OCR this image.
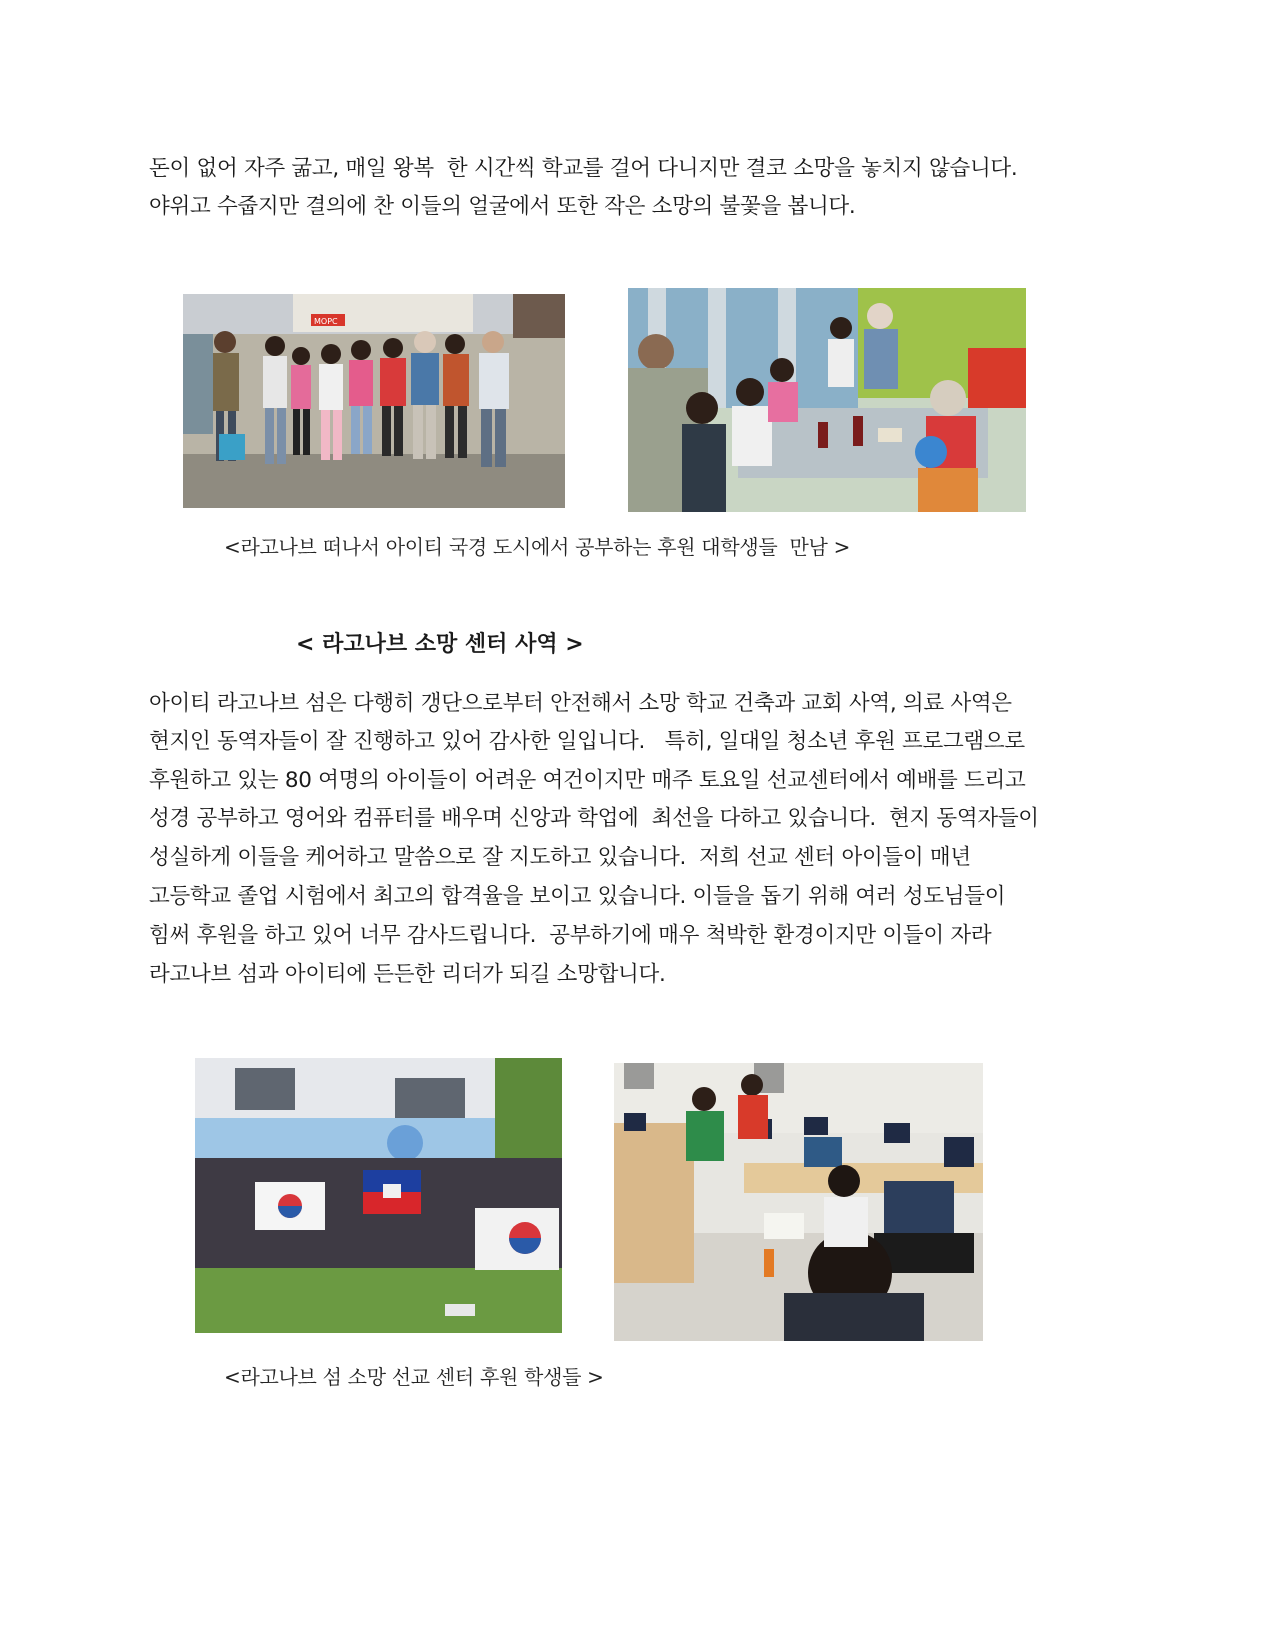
돈이 없어 자주 굶고, 매일 왕복  한 시간씩 학교를 걸어 다니지만 결코 소망을 놓치지 않습니다.
야위고 수줍지만 결의에 찬 이들의 얼굴에서 또한 작은 소망의 불꽃을 봅니다.
MOPC
<라고나브 떠나서 아이티 국경 도시에서 공부하는 후원 대학생들  만남 >
< 라고나브 소망 센터 사역 >
아이티 라고나브 섬은 다행히 갱단으로부터 안전해서 소망 학교 건축과 교회 사역, 의료 사역은
현지인 동역자들이 잘 진행하고 있어 감사한 일입니다.   특히, 일대일 청소년 후원 프로그램으로
후원하고 있는 80 여명의 아이들이 어려운 여건이지만 매주 토요일 선교센터에서 예배를 드리고
성경 공부하고 영어와 컴퓨터를 배우며 신앙과 학업에  최선을 다하고 있습니다.  현지 동역자들이
성실하게 이들을 케어하고 말씀으로 잘 지도하고 있습니다.  저희 선교 센터 아이들이 매년
고등학교 졸업 시험에서 최고의 합격율을 보이고 있습니다. 이들을 돕기 위해 여러 성도님들이
힘써 후원을 하고 있어 너무 감사드립니다.  공부하기에 매우 척박한 환경이지만 이들이 자라
라고나브 섬과 아이티에 든든한 리더가 되길 소망합니다.
<라고나브 섬 소망 선교 센터 후원 학생들 >
